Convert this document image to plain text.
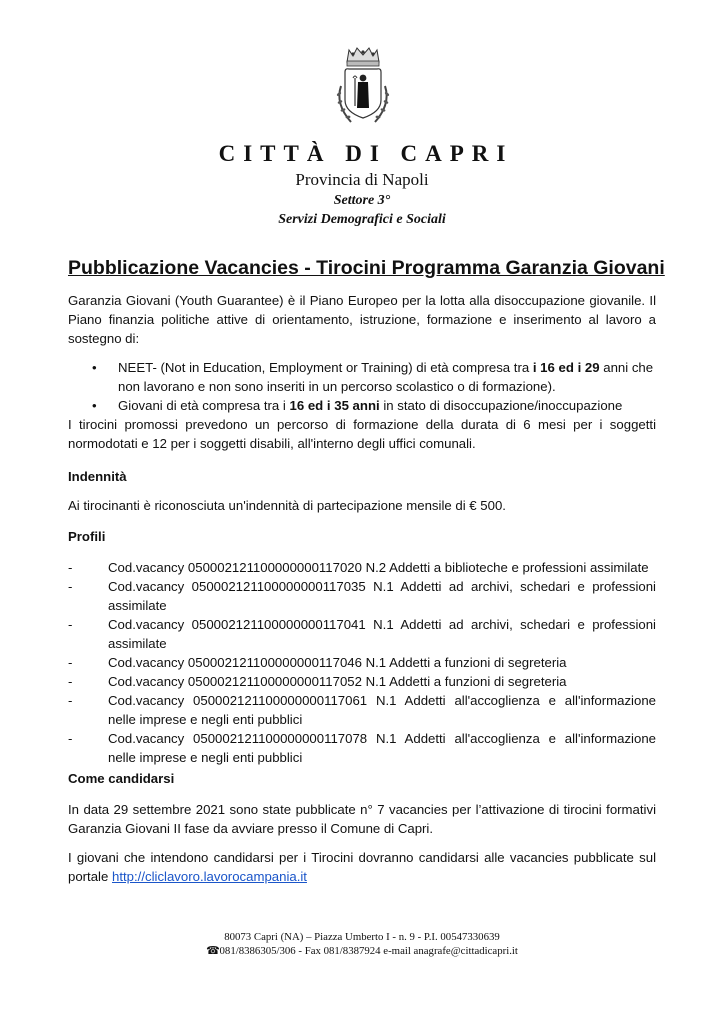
CITTÀ DI CAPRI
Provincia di Napoli
Settore 3°
Servizi Demografici e Sociali
Pubblicazione Vacancies - Tirocini Programma Garanzia Giovani

Garanzia Giovani (Youth Guarantee) è il Piano Europeo per la lotta alla disoccupazione giovanile. Il Piano finanzia politiche attive di orientamento, istruzione, formazione e inserimento al lavoro a sostegno di:

• NEET- (Not in Education, Employment or Training) di età compresa tra i 16 ed i 29 anni che non lavorano e non sono inseriti in un percorso scolastico o di formazione).
• Giovani di età compresa tra i 16 ed i 35 anni in stato di disoccupazione/inoccupazione

I tirocini promossi prevedono un percorso di formazione della durata di 6 mesi per i soggetti normodotati e 12 per i soggetti disabili, all'interno degli uffici comunali.

Indennità

Ai tirocinanti è riconosciuta un'indennità di partecipazione mensile di € 500.

Profili
-	Cod.vacancy 050002121100000000117020 N.2 Addetti a biblioteche e professioni assimilate
-	Cod.vacancy 050002121100000000117035 N.1 Addetti ad archivi, schedari e professioni assimilate
-	Cod.vacancy 050002121100000000117041 N.1 Addetti ad archivi, schedari e professioni assimilate
-	Cod.vacancy 050002121100000000117046 N.1 Addetti a funzioni di segreteria
-	Cod.vacancy 050002121100000000117052 N.1 Addetti a funzioni di segreteria
-	Cod.vacancy 050002121100000000117061 N.1 Addetti all'accoglienza e all'informazione nelle imprese e negli enti pubblici
-	Cod.vacancy 050002121100000000117078 N.1 Addetti all'accoglienza e all'informazione nelle imprese e negli enti pubblici
Come candidarsi

In data 29 settembre 2021 sono state pubblicate n° 7 vacancies per l’attivazione di tirocini formativi Garanzia Giovani II fase da avviare presso il Comune di Capri.

I giovani che intendono candidarsi per i Tirocini dovranno candidarsi alle vacancies pubblicate sul portale http://cliclavoro.lavorocampania.it

80073 Capri (NA) – Piazza Umberto I - n. 9 - P.I. 00547330639
☎081/8386305/306 - Fax 081/8387924 e-mail anagrafe@cittadicapri.it
